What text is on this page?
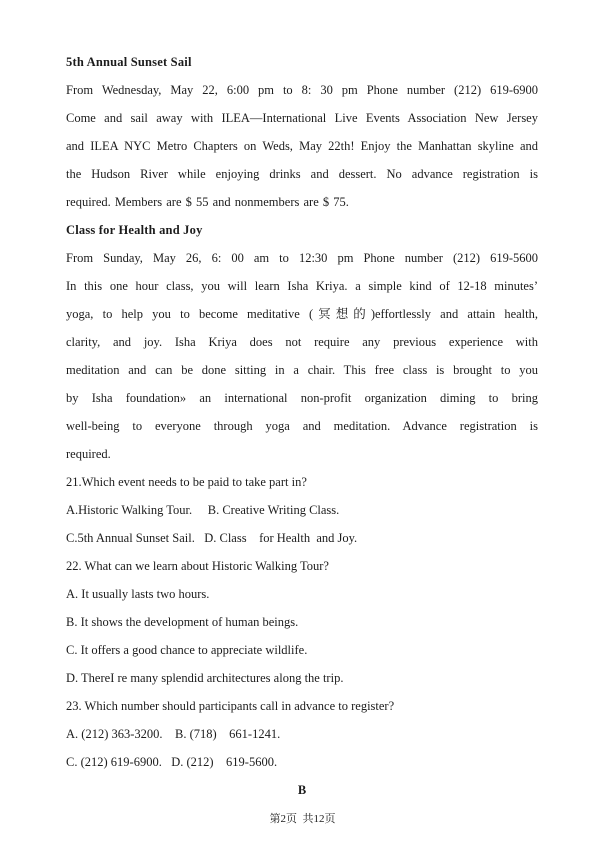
5th Annual Sunset Sail
From Wednesday, May 22, 6:00 pm to 8: 30 pm Phone number (212) 619-6900
Come and sail away with ILEA—International Live Events Association New Jersey
and ILEA NYC Metro Chapters on Weds, May 22th! Enjoy the Manhattan skyline and
the Hudson River while enjoying drinks and dessert. No advance registration is
required. Members are $ 55 and nonmembers are $ 75.
Class for Health and Joy
From Sunday, May 26, 6: 00 am to 12:30 pm Phone number (212) 619-5600
In this one hour class, you will learn Isha Kriya. a simple kind of 12-18 minutes’
yoga, to help you to become meditative (冥想的)effortlessly and attain health,
clarity, and joy. Isha Kriya does not require any previous experience with
meditation and can be done sitting in a chair. This free class is brought to you
by Isha foundation» an international non-profit organization diming to bring
well-being to everyone through yoga and meditation. Advance registration is
required.
21.Which event needs to be paid to take part in?
A.Historic Walking Tour.     B. Creative Writing Class.
C.5th Annual Sunset Sail.   D. Class    for Health  and Joy.
22. What can we learn about Historic Walking Tour?
A. It usually lasts two hours.
B. It shows the development of human beings.
C. It offers a good chance to appreciate wildlife.
D. ThereI re many splendid architectures along the trip.
23. Which number should participants call in advance to register?
A. (212) 363-3200.    B. (718)    661-1241.
C. (212) 619-6900.   D. (212)    619-5600.
B
第2页  共12页
